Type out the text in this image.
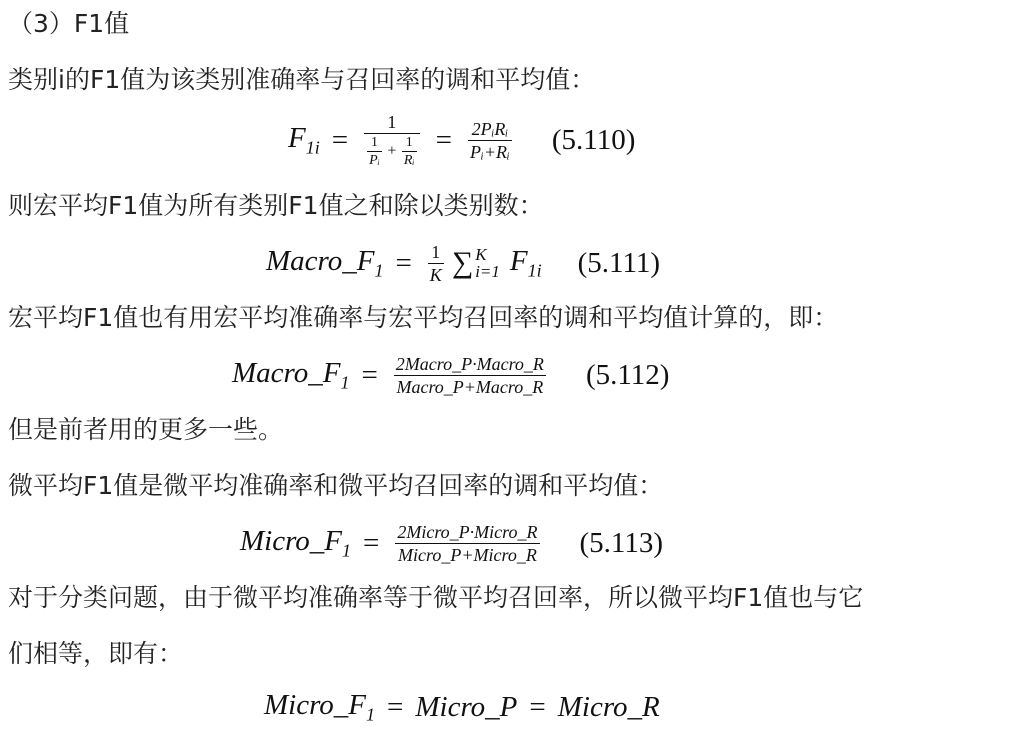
（3）F1值
类别i的F1值为该类别准确率与召回率的调和平均值：
$F_{1i} = \frac{1}{\frac{1}{\text{Pᵢ}} + \frac{1}{\text{Rᵢ}}} = \frac{\text{2PᵢRᵢ}}{\text{Pᵢ+Rᵢ}} (5.110)$
则宏平均F1值为所有类别F1值之和除以类别数：
$Macro\_F_1 = \frac{1}{K}$ ∑ K
i=1 $F_{1i}$ (5.111)
宏平均F1值也有用宏平均准确率与宏平均召回率的调和平均值计算的，即：
$Macro\_F_1 = \frac{\text{2Macro\_P·Macro\_R}}{\text{Macro\_P+Macro\_R}} (5.112)$
但是前者用的更多一些。
微平均F1值是微平均准确率和微平均召回率的调和平均值：
$Micro\_F_1 = \frac{\text{2Micro\_P·Micro\_R}}{\text{Micro\_P+Micro\_R}} (5.113)$
对于分类问题，由于微平均准确率等于微平均召回率，所以微平均F1值也与它
们相等，即有：
$Micro\_F_1$ = Micro_P = Micro_R
